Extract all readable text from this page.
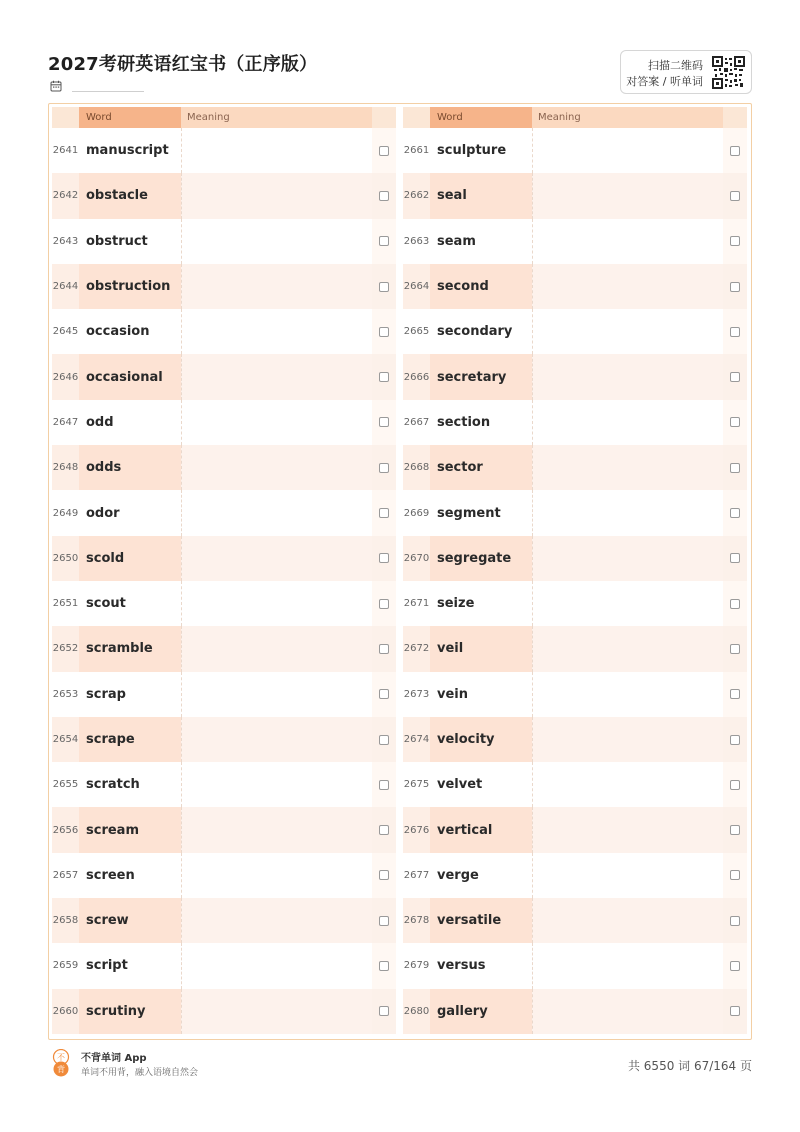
2027考研英语红宝书（正序版）	扫描二维码
对答案 / 听单词
Word	Meaning
2641 manuscript
2642 obstacle
2643 obstruct
2644 obstruction
2645 occasion
2646 occasional
2647 odd
2648 odds
2649 odor
2650 scold
2651 scout
2652 scramble
2653 scrap
2654 scrape
2655 scratch
2656 scream
2657 screen
2658 screw
2659 script
2660 scrutiny
Word	Meaning
2661 sculpture
2662 seal
2663 seam
2664 second
2665 secondary
2666 secretary
2667 section
2668 sector
2669 segment
2670 segregate
2671 seize
2672 veil
2673 vein
2674 velocity
2675 velvet
2676 vertical
2677 verge
2678 versatile
2679 versus
2680 gallery
不
背
不背单词 App
单词不用背，融入语境自然会	共 6550 词 67/164 页
